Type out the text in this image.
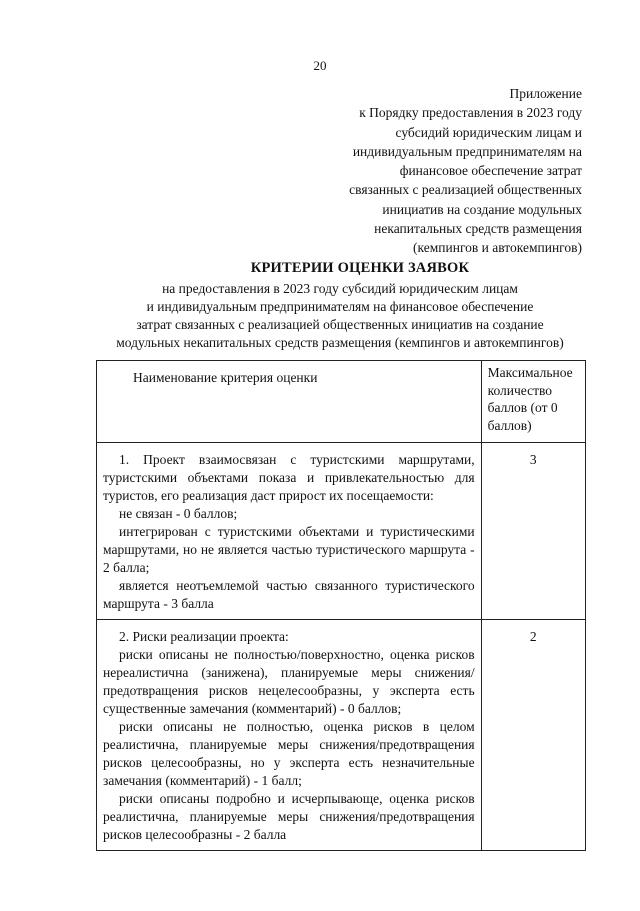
20
Приложение
к Порядку предоставления в 2023 году
субсидий юридическим лицам и
индивидуальным предпринимателям на
финансовое обеспечение затрат
связанных с реализацией общественных
инициатив на создание модульных
некапитальных средств размещения
(кемпингов и автокемпингов)
КРИТЕРИИ ОЦЕНКИ ЗАЯВОК
на предоставления в 2023 году субсидий юридическим лицам
и индивидуальным предпринимателям на финансовое обеспечение
затрат связанных с реализацией общественных инициатив на создание
модульных некапитальных средств размещения (кемпингов и автокемпингов)
Наименование критерия оценки	Максимальное количество баллов (от 0 баллов)

1. Проект взаимосвязан с туристскими маршрутами, туристскими объектами показа и привлекательностью для туристов, его реализация даст прирост их посещаемости:
не связан - 0 баллов;
интегрирован с туристскими объектами и туристическими маршрутами, но не является частью туристического маршрута - 2 балла;
является неотъемлемой частью связанного туристического маршрута - 3 балла	3

2. Риски реализации проекта:
риски описаны не полностью/поверхностно, оценка рисков нереалистична (занижена), планируемые меры снижения/предотвращения рисков нецелесообразны, у эксперта есть существенные замечания (комментарий) - 0 баллов;
риски описаны не полностью, оценка рисков в целом реалистична, планируемые меры снижения/предотвращения рисков целесообразны, но у эксперта есть незначительные замечания (комментарий) - 1 балл;
риски описаны подробно и исчерпывающе, оценка рисков реалистична, планируемые меры снижения/предотвращения рисков целесообразны - 2 балла	2
